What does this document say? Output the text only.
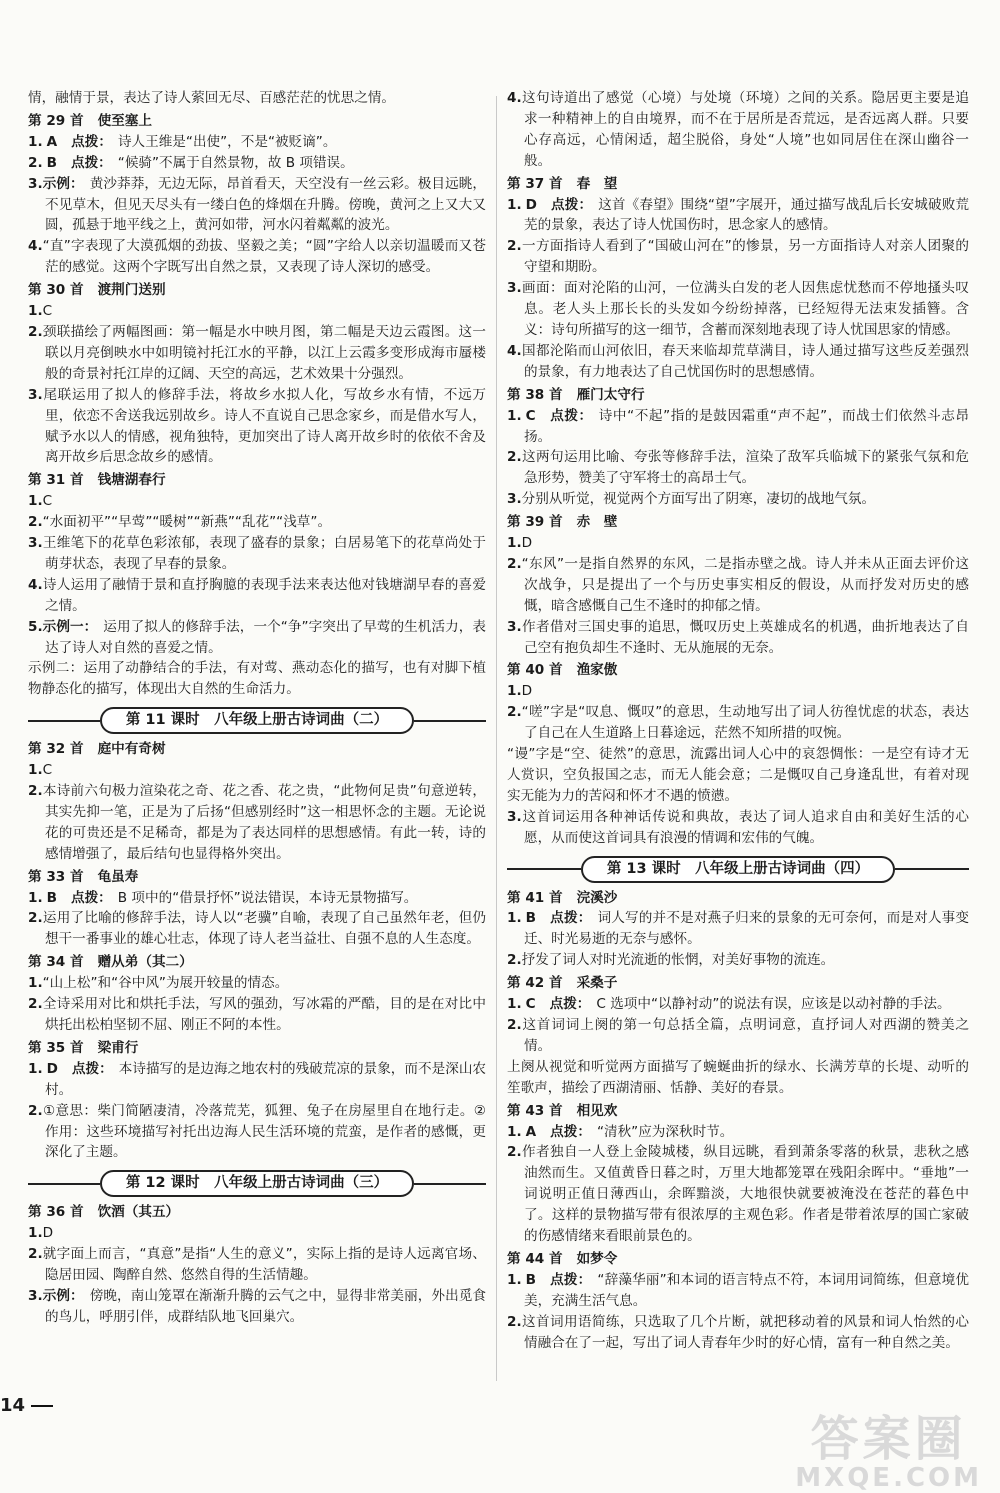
情，融情于景，表达了诗人萦回无尽、百感茫茫的忧思之情。
第 29 首 使至塞上
1. A 点拨： 诗人王维是“出使”，不是“被贬谪”。
2. B 点拨： “候骑”不属于自然景物，故 B 项错误。
3.示例： 黄沙莽莽，无边无际，昂首看天，天空没有一丝云彩。极目远眺，不见草木，但见天尽头有一缕白色的烽烟在升腾。傍晚，黄河之上又大又圆，孤悬于地平线之上，黄河如带，河水闪着粼粼的波光。
4.“直”字表现了大漠孤烟的劲拔、坚毅之美；“圆”字给人以亲切温暖而又苍茫的感觉。这两个字既写出自然之景，又表现了诗人深切的感受。
第 30 首 渡荆门送别
1.C
2.颈联描绘了两幅图画：第一幅是水中映月图，第二幅是天边云霞图。这一联以月亮倒映水中如明镜衬托江水的平静，以江上云霞多变形成海市蜃楼般的奇景衬托江岸的辽阔、天空的高远，艺术效果十分强烈。
3.尾联运用了拟人的修辞手法，将故乡水拟人化，写故乡水有情，不远万里，依恋不舍送我远别故乡。诗人不直说自己思念家乡，而是借水写人，赋予水以人的情感，视角独特，更加突出了诗人离开故乡时的依依不舍及离开故乡后思念故乡的感情。
第 31 首 钱塘湖春行
1.C
2.“水面初平”“早莺”“暖树”“新燕”“乱花”“浅草”。
3.王维笔下的花草色彩浓郁，表现了盛春的景象；白居易笔下的花草尚处于萌芽状态，表现了早春的景象。
4.诗人运用了融情于景和直抒胸臆的表现手法来表达他对钱塘湖早春的喜爱之情。
5.示例一： 运用了拟人的修辞手法，一个“争”字突出了早莺的生机活力，表达了诗人对自然的喜爱之情。
示例二：运用了动静结合的手法，有对莺、燕动态化的描写，也有对脚下植物静态化的描写，体现出大自然的生命活力。
第 11 课时　八年级上册古诗词曲（二）
第 32 首 庭中有奇树
1.C
2.本诗前六句极力渲染花之奇、花之香、花之贵，“此物何足贵”句意逆转，其实先抑一笔，正是为了后扬“但感别经时”这一相思怀念的主题。无论说花的可贵还是不足稀奇，都是为了表达同样的思想感情。有此一转，诗的感情增强了，最后结句也显得格外突出。
第 33 首 龟虽寿
1. B 点拨： B 项中的“借景抒怀”说法错误，本诗无景物描写。
2.运用了比喻的修辞手法，诗人以“老骥”自喻，表现了自己虽然年老，但仍想干一番事业的雄心壮志，体现了诗人老当益壮、自强不息的人生态度。
第 34 首 赠从弟（其二）
1.“山上松”和“谷中风”为展开较量的情态。
2.全诗采用对比和烘托手法，写风的强劲，写冰霜的严酷，目的是在对比中烘托出松柏坚韧不屈、刚正不阿的本性。
第 35 首 梁甫行
1. D 点拨： 本诗描写的是边海之地农村的残破荒凉的景象，而不是深山农村。
2.①意思：柴门简陋凄清，冷落荒芜，狐狸、兔子在房屋里自在地行走。②作用：这些环境描写衬托出边海人民生活环境的荒蛮，是作者的感慨，更深化了主题。
第 12 课时　八年级上册古诗词曲（三）
第 36 首 饮酒（其五）
1.D
2.就字面上而言，“真意”是指“人生的意义”，实际上指的是诗人远离官场、隐居田园、陶醉自然、悠然自得的生活情趣。
3.示例： 傍晚，南山笼罩在渐渐升腾的云气之中，显得非常美丽，外出觅食的鸟儿，呼朋引伴，成群结队地飞回巢穴。
4.这句诗道出了感觉（心境）与处境（环境）之间的关系。隐居更主要是追求一种精神上的自由境界，而不在于居所是否荒远，是否远离人群。只要心存高远，心情闲适，超尘脱俗，身处“人境”也如同居住在深山幽谷一般。
第 37 首 春　望
1. D 点拨： 这首《春望》围绕“望”字展开，通过描写战乱后长安城破败荒芜的景象，表达了诗人忧国伤时，思念家人的感情。
2.一方面指诗人看到了“国破山河在”的惨景，另一方面指诗人对亲人团聚的守望和期盼。
3.画面：面对沦陷的山河，一位满头白发的老人因焦虑忧愁而不停地搔头叹息。老人头上那长长的头发如今纷纷掉落，已经短得无法束发插簪。含义：诗句所描写的这一细节，含蓄而深刻地表现了诗人忧国思家的情感。
4.国都沦陷而山河依旧，春天来临却荒草满目，诗人通过描写这些反差强烈的景象，有力地表达了自己忧国伤时的思想感情。
第 38 首 雁门太守行
1. C 点拨： 诗中“不起”指的是鼓因霜重“声不起”，而战士们依然斗志昂扬。
2.这两句运用比喻、夸张等修辞手法，渲染了敌军兵临城下的紧张气氛和危急形势，赞美了守军将士的高昂士气。
3.分别从听觉，视觉两个方面写出了阴寒，凄切的战地气氛。
第 39 首 赤　壁
1.D
2.“东风”一是指自然界的东风，二是指赤壁之战。诗人并未从正面去评价这次战争，只是提出了一个与历史事实相反的假设，从而抒发对历史的感慨，暗含感慨自己生不逢时的抑郁之情。
3.作者借对三国史事的追思，慨叹历史上英雄成名的机遇，曲折地表达了自己空有抱负却生不逢时、无从施展的无奈。
第 40 首 渔家傲
1.D
2.“嗟”字是“叹息、慨叹”的意思，生动地写出了词人彷徨忧虑的状态，表达了自己在人生道路上日暮途远，茫然不知所措的叹惋。
“谩”字是“空、徒然”的意思，流露出词人心中的哀怨惆怅：一是空有诗才无人赏识，空负报国之志，而无人能会意；二是慨叹自己身逢乱世，有着对现实无能为力的苦闷和怀才不遇的愤懑。
3.这首词运用各种神话传说和典故，表达了词人追求自由和美好生活的心愿，从而使这首词具有浪漫的情调和宏伟的气魄。
第 13 课时　八年级上册古诗词曲（四）
第 41 首 浣溪沙
1. B 点拨： 词人写的并不是对燕子归来的景象的无可奈何，而是对人事变迁、时光易逝的无奈与感怀。
2.抒发了词人对时光流逝的怅惘，对美好事物的流连。
第 42 首 采桑子
1. C 点拨： C 选项中“以静衬动”的说法有误，应该是以动衬静的手法。
2.这首词词上阕的第一句总括全篇，点明词意，直抒词人对西湖的赞美之情。
上阕从视觉和听觉两方面描写了蜿蜒曲折的绿水、长满芳草的长堤、动听的笙歌声，描绘了西湖清丽、恬静、美好的春景。
第 43 首 相见欢
1. A 点拨： “清秋”应为深秋时节。
2.作者独自一人登上金陵城楼，纵目远眺，看到萧条零落的秋景，悲秋之感油然而生。又值黄昏日暮之时，万里大地都笼罩在残阳余晖中。“垂地”一词说明正值日薄西山，余晖黯淡，大地很快就要被淹没在苍茫的暮色中了。这样的景物描写带有很浓厚的主观色彩。作者是带着浓厚的国亡家破的伤感情绪来看眼前景色的。
第 44 首 如梦令
1. B 点拨： “辞藻华丽”和本词的语言特点不符，本词用词简练，但意境优美，充满生活气息。
2.这首词用语简练，只选取了几个片断，就把移动着的风景和词人怡然的心情融合在了一起，写出了词人青春年少时的好心情，富有一种自然之美。
14
答案圈
MXQE.COM
